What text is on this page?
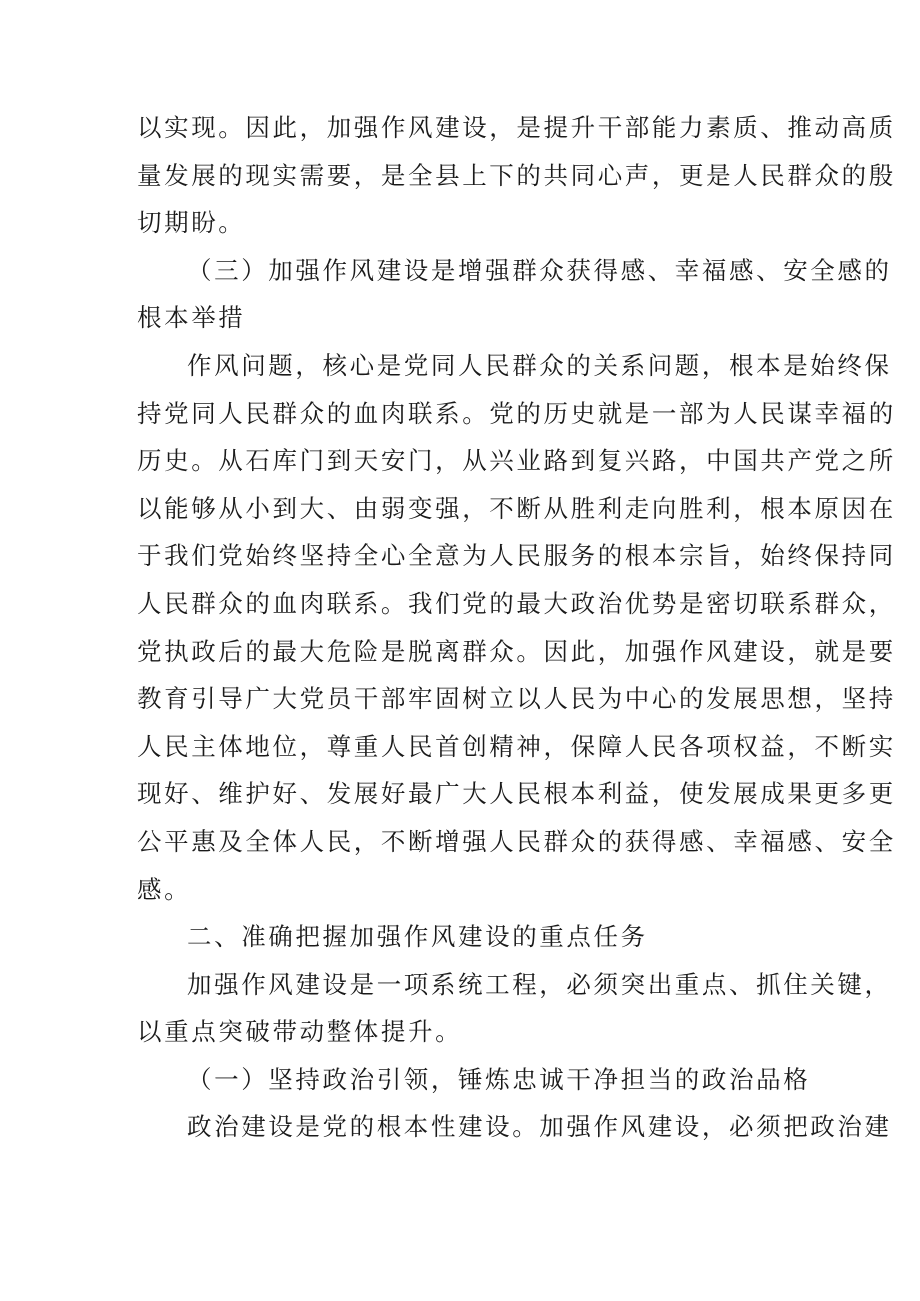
以实现。因此，加强作风建设，是提升干部能力素质、推动高质
量发展的现实需要，是全县上下的共同心声，更是人民群众的殷
切期盼。
（三）加强作风建设是增强群众获得感、幸福感、安全感的
根本举措
作风问题，核心是党同人民群众的关系问题，根本是始终保
持党同人民群众的血肉联系。党的历史就是一部为人民谋幸福的
历史。从石库门到天安门，从兴业路到复兴路，中国共产党之所
以能够从小到大、由弱变强，不断从胜利走向胜利，根本原因在
于我们党始终坚持全心全意为人民服务的根本宗旨，始终保持同
人民群众的血肉联系。我们党的最大政治优势是密切联系群众，
党执政后的最大危险是脱离群众。因此，加强作风建设，就是要
教育引导广大党员干部牢固树立以人民为中心的发展思想，坚持
人民主体地位，尊重人民首创精神，保障人民各项权益，不断实
现好、维护好、发展好最广大人民根本利益，使发展成果更多更
公平惠及全体人民，不断增强人民群众的获得感、幸福感、安全
感。
二、准确把握加强作风建设的重点任务
加强作风建设是一项系统工程，必须突出重点、抓住关键，
以重点突破带动整体提升。
（一）坚持政治引领，锤炼忠诚干净担当的政治品格
政治建设是党的根本性建设。加强作风建设，必须把政治建
